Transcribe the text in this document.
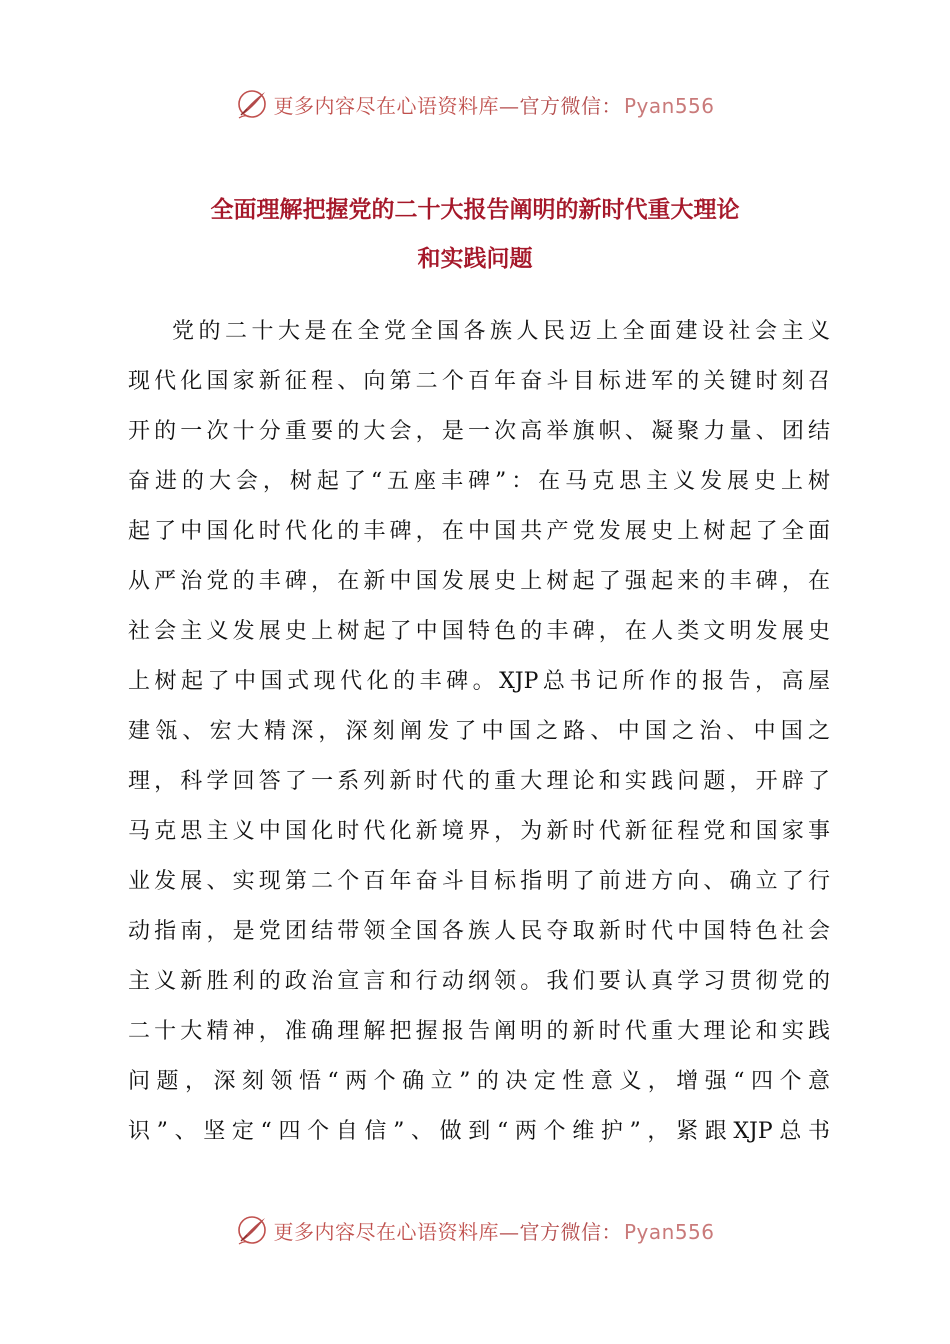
更多内容尽在心语资料库—官方微信： Pyan556
全面理解把握党的二十大报告阐明的新时代重大理论
和实践问题
党的二十大是在全党全国各族人民迈上全面建设社会主义
现代化国家新征程、向第二个百年奋斗目标进军的关键时刻召
开的一次十分重要的大会，是一次高举旗帜、凝聚力量、团结
奋进的大会，树起了“五座丰碑”：在马克思主义发展史上树
起了中国化时代化的丰碑，在中国共产党发展史上树起了全面
从严治党的丰碑，在新中国发展史上树起了强起来的丰碑，在
社会主义发展史上树起了中国特色的丰碑，在人类文明发展史
上树起了中国式现代化的丰碑。XJP总书记所作的报告，高屋
建瓴、宏大精深，深刻阐发了中国之路、中国之治、中国之
理，科学回答了一系列新时代的重大理论和实践问题，开辟了
马克思主义中国化时代化新境界，为新时代新征程党和国家事
业发展、实现第二个百年奋斗目标指明了前进方向、确立了行
动指南，是党团结带领全国各族人民夺取新时代中国特色社会
主义新胜利的政治宣言和行动纲领。我们要认真学习贯彻党的
二十大精神，准确理解把握报告阐明的新时代重大理论和实践
问题，深刻领悟“两个确立”的决定性意义，增强“四个意
识”、坚定“四个自信”、做到“两个维护”，紧跟XJP总书
更多内容尽在心语资料库—官方微信： Pyan556
